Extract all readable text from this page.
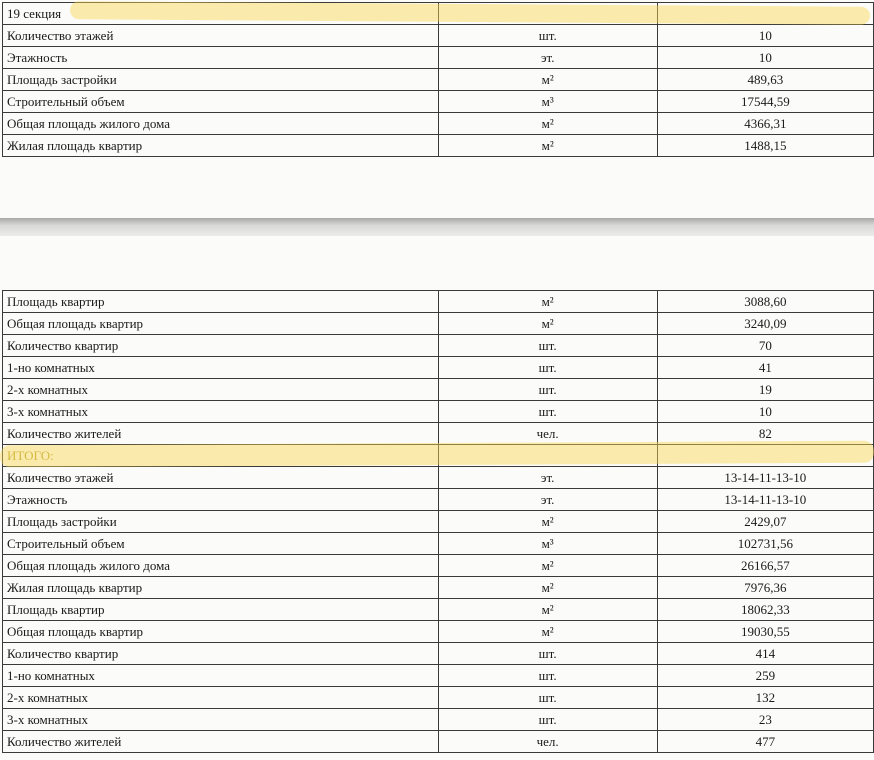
19 секция		
Количество этажей	шт.	10
Этажность	эт.	10
Площадь застройки	м²	489,63
Строительный объем	м³	17544,59
Общая площадь жилого дома	м²	4366,31
Жилая площадь квартир	м²	1488,15
Площадь квартир	м²	3088,60
Общая площадь квартир	м²	3240,09
Количество квартир	шт.	70
1-но комнатных	шт.	41
2-х комнатных	шт.	19
3-х комнатных	шт.	10
Количество жителей	чел.	82
ИТОГО:		
Количество этажей	эт.	13-14-11-13-10
Этажность	эт.	13-14-11-13-10
Площадь застройки	м²	2429,07
Строительный объем	м³	102731,56
Общая площадь жилого дома	м²	26166,57
Жилая площадь квартир	м²	7976,36
Площадь квартир	м²	18062,33
Общая площадь квартир	м²	19030,55
Количество квартир	шт.	414
1-но комнатных	шт.	259
2-х комнатных	шт.	132
3-х комнатных	шт.	23
Количество жителей	чел.	477
